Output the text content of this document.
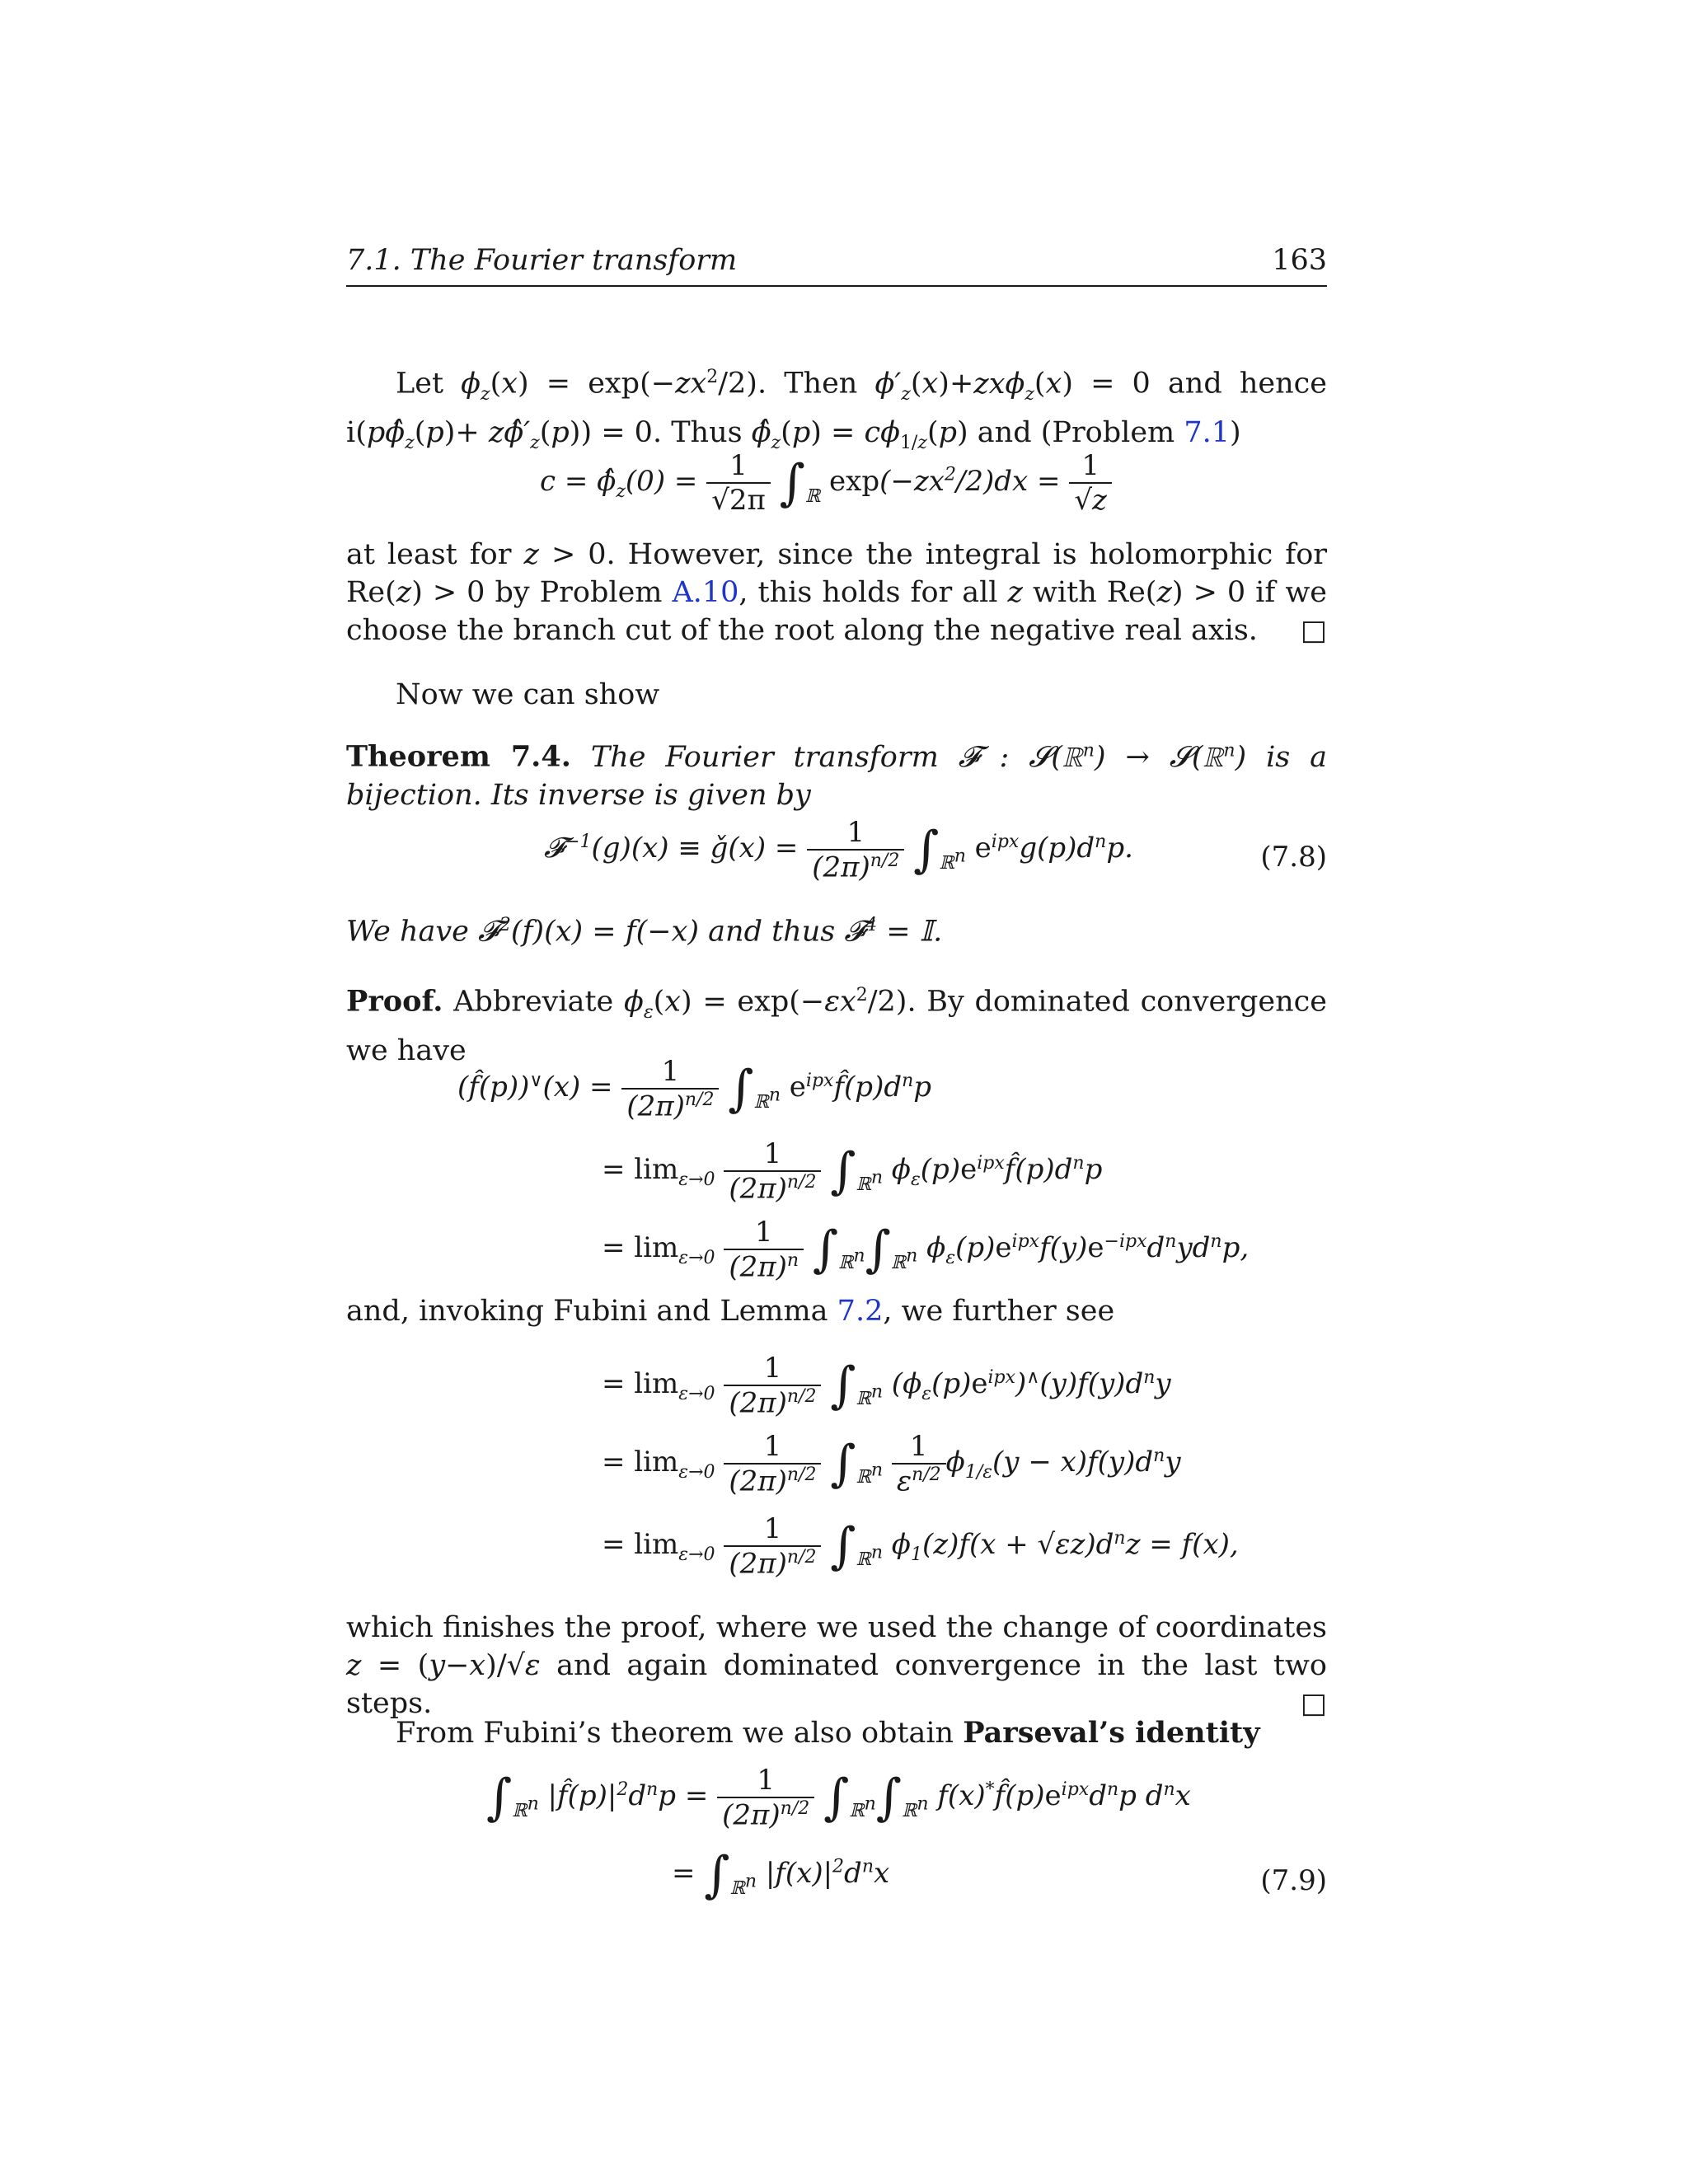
7.1. The Fourier transform	163
Let $\phi_z(x) = \exp(-zx^2/2)$. Then $\phi'_z(x)+zx\phi_z(x) = 0$ and hence $i(p\phî_z(p)+$ $z\phî'_z(p)) = 0$. Thus $\phî_z(p) = c\phi_{1/z}(p)$ and (Problem 7.1)
$c = \phî_z(0) = \frac{1}{√2\pi} \int_ℝ$ $\exp(-zx^2/2)dx = \frac{1}{√z}$
at least for z > 0. However, since the integral is holomorphic for Re(z) > 0 by Problem A.10, this holds for all z with Re(z) > 0 if we choose the branch cut of the root along the negative real axis. □
Now we can show
Theorem 7.4. The Fourier transform 𝓕 : 𝓢(ℝ$^n$) → 𝓢(ℝ$^n$) is a bijection. Its inverse is given by
𝓕$^{-1}$(g)(x) ≡ ǧ(x) = $\frac{1}{(2\pi)^{n/2}} \int_{ℝ^n}$ $e^{ipx}g(p)d^np$.	(7.8)
We have 𝓕$^2$(f)(x) = f(−x) and thus 𝓕$^4$ = 𝕀.
Proof. Abbreviate $\phi_\varepsilon(x) = \exp(-\varepsilon x^2/2)$. By dominated convergence we have
(f̂(p))∨(x) = $\frac{1}{(2\pi)^{n/2}} \int_{ℝ^n}$ $e^{ipx}f̂(p)d^np$
= $\lim_{\varepsilon\to 0} \frac{1}{(2\pi)^{n/2}} \int_{ℝ^n}$ $\phi_\varepsilon(p)e^{ipx}f̂(p)d^np$
= $\lim_{\varepsilon\to 0} \frac{1}{(2\pi)^n} \int_{ℝ^n}\int_{ℝ^n}$ $\phi_\varepsilon(p)e^{ipx}f(y)e^{-ipx}d^nyd^np$,
and, invoking Fubini and Lemma 7.2, we further see
= $\lim_{\varepsilon\to 0} \frac{1}{(2\pi)^{n/2}} \int_{ℝ^n}$ $(\phi_\varepsilon(p)e^{ipx})^\wedge(y)f(y)d^ny$
= $\lim_{\varepsilon\to 0} \frac{1}{(2\pi)^{n/2}} \int_{ℝ^n} \frac{1}{\varepsilon^{n/2}} \phi_{1/\varepsilon}(y - x)f(y)d^ny$
= $\lim_{\varepsilon\to 0} \frac{1}{(2\pi)^{n/2}} \int_{ℝ^n}$ $\phi_1(z)f(x + √\varepsilon z)d^nz = f(x)$,
which finishes the proof, where we used the change of coordinates z = (y−x)/√ε and again dominated convergence in the last two steps.	□
From Fubini’s theorem we also obtain Parseval’s identity
$\int_{ℝ^n}$ $|f̂(p)|^2d^np = \frac{1}{(2\pi)^{n/2}} \int_{ℝ^n}\int_{ℝ^n}$ $f(x)^*f̂(p)e^{ipx}d^np$ $d^nx$
= $\int_{ℝ^n}$ $|f(x)|^2d^nx$	(7.9)
